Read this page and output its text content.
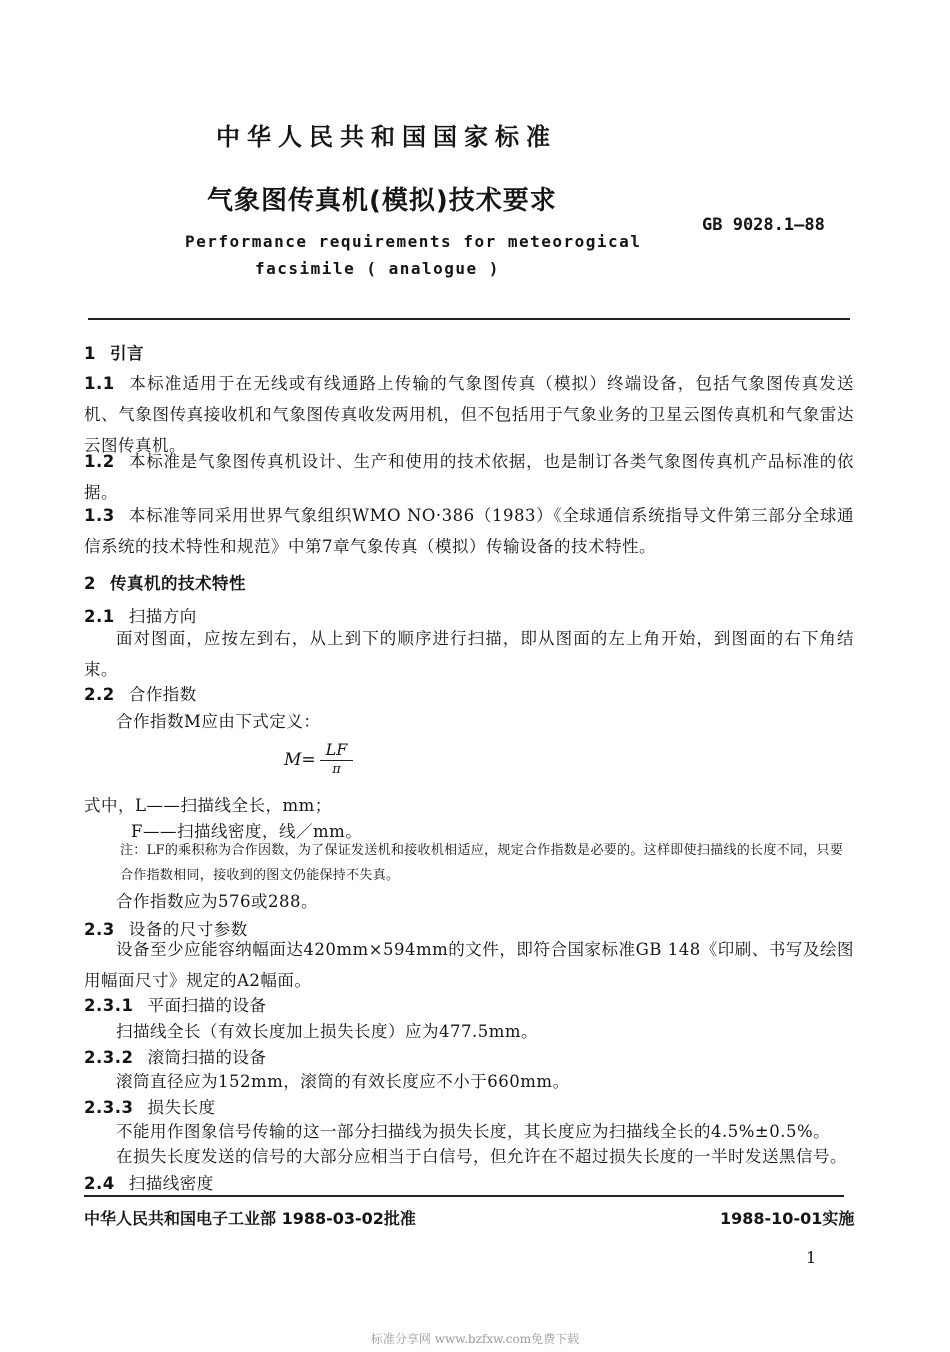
中华人民共和国国家标准
气象图传真机(模拟)技术要求
GB 9028.1—88
Performance requirements for meteorogical
facsimile ( analogue )
1 引言
1.1 本标准适用于在无线或有线通路上传输的气象图传真（模拟）终端设备，包括气象图传真发送机、气象图传真接收机和气象图传真收发两用机，但不包括用于气象业务的卫星云图传真机和气象雷达云图传真机。
1.2 本标准是气象图传真机设计、生产和使用的技术依据，也是制订各类气象图传真机产品标准的依据。
1.3 本标准等同采用世界气象组织WMO NO·386（1983）《全球通信系统指导文件第三部分全球通信系统的技术特性和规范》中第7章气象传真（模拟）传输设备的技术特性。
2 传真机的技术特性
2.1 扫描方向
面对图面，应按左到右，从上到下的顺序进行扫描，即从图面的左上角开始，到图面的右下角结束。
2.2 合作指数
合作指数M应由下式定义：
$M= \frac{LF}{\pi}$
式中，L——扫描线全长，mm；
F——扫描线密度，线／mm。
注：LF的乘积称为合作因数，为了保证发送机和接收机相适应，规定合作指数是必要的。这样即使扫描线的长度不同，只要合作指数相同，接收到的图文仍能保持不失真。
合作指数应为576或288。
2.3 设备的尺寸参数
设备至少应能容纳幅面达420mm×594mm的文件，即符合国家标准GB 148《印刷、书写及绘图用幅面尺寸》规定的A2幅面。
2.3.1 平面扫描的设备
扫描线全长（有效长度加上损失长度）应为477.5mm。
2.3.2 滚筒扫描的设备
滚筒直径应为152mm，滚筒的有效长度应不小于660mm。
2.3.3 损失长度
不能用作图象信号传输的这一部分扫描线为损失长度，其长度应为扫描线全长的4.5%±0.5%。
在损失长度发送的信号的大部分应相当于白信号，但允许在不超过损失长度的一半时发送黑信号。
2.4 扫描线密度
中华人民共和国电子工业部 1988-03-02批准	1988-10-01实施
1
标准分享网 www.bzfxw.com免费下载
